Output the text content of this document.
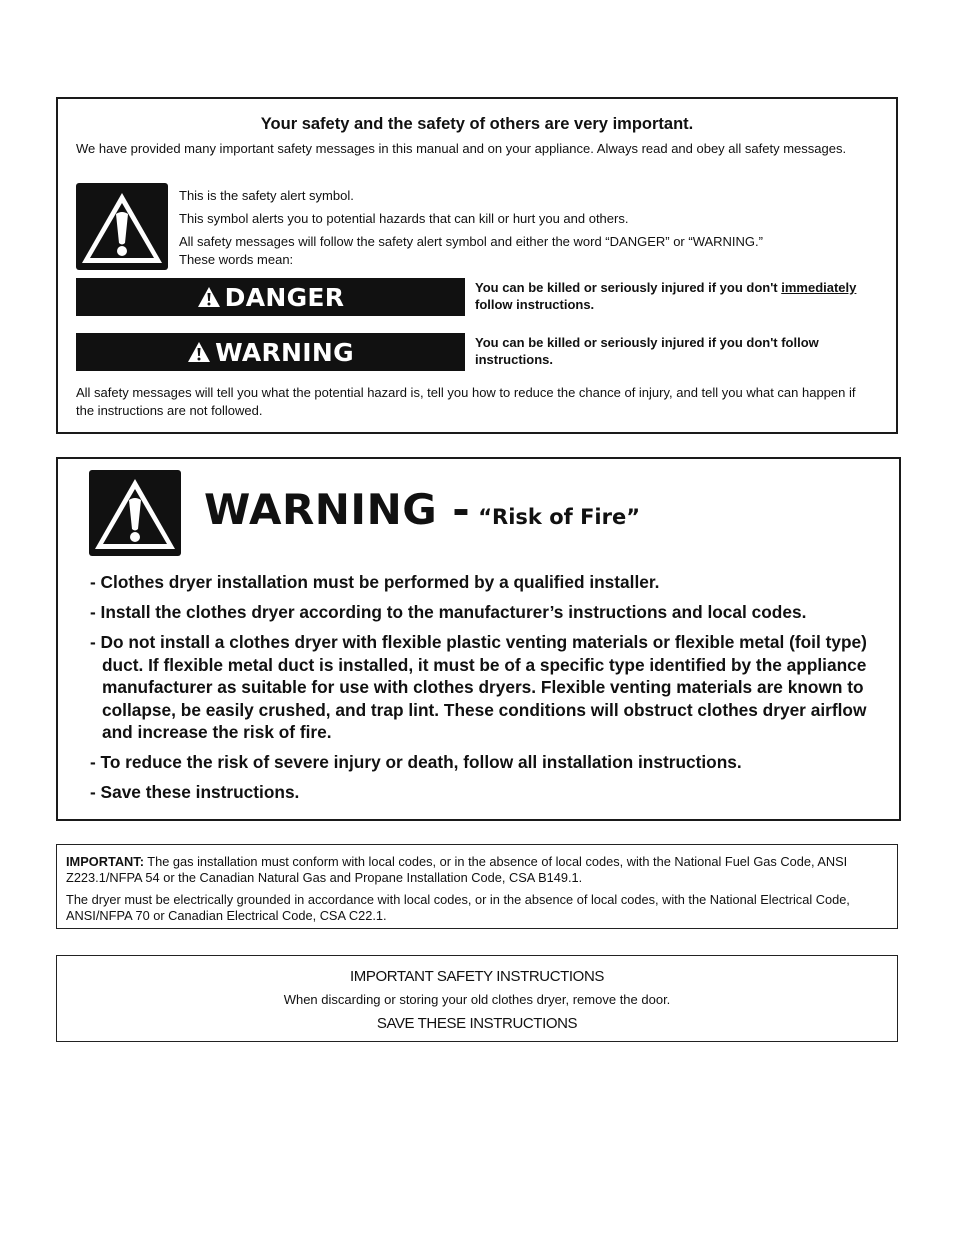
Your safety and the safety of others are very important.
We have provided many important safety messages in this manual and on your appliance. Always read and obey all safety messages.

This is the safety alert symbol.

This symbol alerts you to potential hazards that can kill or hurt you and others.

All safety messages will follow the safety alert symbol and either the word “DANGER” or “WARNING.”

These words mean:

DANGER	You can be killed or seriously injured if you don't immediately follow instructions.
WARNING	You can be killed or seriously injured if you don't follow instructions.
All safety messages will tell you what the potential hazard is, tell you how to reduce the chance of injury, and tell you what can happen if the instructions are not followed.
WARNING - “Risk of Fire”
- Clothes dryer installation must be performed by a qualified installer.
- Install the clothes dryer according to the manufacturer’s instructions and local codes.
- Do not install a clothes dryer with flexible plastic venting materials or flexible metal (foil type) duct. If flexible metal duct is installed, it must be of a specific type identified by the appliance manufacturer as suitable for use with clothes dryers. Flexible venting materials are known to collapse, be easily crushed, and trap lint. These conditions will obstruct clothes dryer airflow and increase the risk of fire.
- To reduce the risk of severe injury or death, follow all installation instructions.
- Save these instructions.

IMPORTANT: The gas installation must conform with local codes, or in the absence of local codes, with the National Fuel Gas Code, ANSI Z223.1/NFPA 54 or the Canadian Natural Gas and Propane Installation Code, CSA B149.1.

The dryer must be electrically grounded in accordance with local codes, or in the absence of local codes, with the National Electrical Code, ANSI/NFPA 70 or Canadian Electrical Code, CSA C22.1.

IMPORTANT SAFETY INSTRUCTIONS
When discarding or storing your old clothes dryer, remove the door.
SAVE THESE INSTRUCTIONS
